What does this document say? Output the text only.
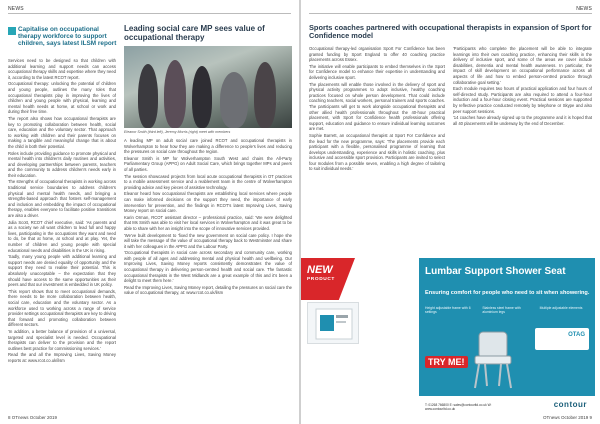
NEWS
Capitalise on occupational therapy workforce to support children, says latest ILSM report

Services need to be designed so that children with additional learning and support needs can access occupational therapy skills and expertise where they need it, according to the latest RCOT report.

Occupational therapy: unlocking the potential of children and young people, outlines the many roles that occupational therapists play in improving the lives of children and young people with physical, learning and mental health needs at home, at school or work and during their free time.

The report also shows how occupational therapists are key to promoting collaboration between health, social care, education and the voluntary sector. That approach to working with children and their parents focuses on making a tangible and meaningful change that is about the child in both their potential.

Roles include providing guidance to promote physical and mental health into children's daily routines and activities, and developing partnerships between parents, teachers and the community to address children's needs early in their education.

The strengths of occupational therapists in working across traditional service boundaries to address children's physical and mental health needs, and bringing a strengths-based approach that fosters self-management and inclusion and embedding the impact of occupational therapy, enables everyone to facilitate positive transitions are also a driver.

Julia Scott, RCOT chief executive, said: 'As parents and as a society we all want children to lead full and happy lives, participating in the occupations they want and need to do, be that at home, at school and at play. Yet, the number of children and young people with special educational needs and disabilities in the UK is rising.

'Sadly, many young people with additional learning and support needs are denied equality of opportunity and the support they need to realise their potential. This is absolutely unacceptable – the expectation that they should have access to the same opportunities as their peers and that our investment is embedded in UK policy.

'This report shows that to meet occupational demands, there needs to be more collaboration between health, social care, education and the voluntary sector. As a workforce used to working across a range of service provider settings occupational therapists are key to driving that forward and promoting collaboration between different sectors.

'In addition, a better balance of provision of a universal, targeted and specialist level is needed. Occupational therapists can deliver to the provision and the report outlines best practice for commissioning services.'

Read the and all the Improving Lives, Saving Money reports at: www.rcot.co.uk/ilsm

Leading social care MP sees value of occupational therapy
Eleanor Smith (third left), Jeremy Morris (right) meet with members

A leading MP on adult social care joined RCOT and occupational therapists in Wolverhampton to hear how they are making a difference to people's lives and reducing the pressures on social care throughout the region.

Eleanor Smith is MP for Wolverhampton South West and chairs the All-Party Parliamentary Group (APPG) on Adult Social Care, which brings together MPs and peers of all parties.

The session showcased projects from local acute occupational therapists in OT practices to a mobile assessment service and a reablement team in the centre of Wolverhampton providing advice and key pieces of assistive technology.

Eleanor heard how occupational therapists are establishing local services where people can make informed decisions on the support they need, the importance of early intervention for prevention, and the findings in RCOT's latest Improving Lives, Saving Money report on social care.

Karin Orman, RCOT assistant director – professional practice, said: 'We were delighted that Ms Smith was able to visit her local services in Wolverhampton and it was great to be able to share with her an insight into the scope of innovative services provided.

'We've built development to 'fixed the new government on social care policy. I hope she will take the message of the value of occupational therapy back to Westminster and share it with her colleagues in the APPG and the Labour Party.

'Occupational therapists in social care across secondary and community care, working with people of all ages and addressing mental and physical health and wellbeing. Our Improving Lives, Saving Money reports consistently demonstrates the value of occupational therapy in delivering person-centred health and social care. The fantastic occupational therapists in the West Midlands are a great example of this and it's been a delight to meet them here.'

Read the Improving Lives, Saving Money report, detailing the pressures on social care the value of occupational therapy, at: www.rcot.co.uk/ilsm

8 OTnews October 2019
NEWS
Sports coaches partnered with occupational therapists in expansion of Sport for Confidence model

Occupational therapy-led organisation Sport For Confidence has been granted funding by Sport England to offer 40 coaching practice placements across Essex.

The initiative will enable participants to embed themselves in the Sport for Confidence model to enhance their expertise in understanding and delivering inclusive sport.

The placements will enable those involved in the delivery of sport and physical activity programmes to adopt inclusive, healthy coaching practices focused on whole person development. That could include coaching teachers, social workers, personal trainers and sports coaches. The participants will get to work alongside occupational therapists and other allied health professionals throughout the 40-hour practical placement, with Sport for Confidence health professionals offering support, education and guidance to ensure individual learning outcomes are met.

Sophie Barrett, an occupational therapist at Sport For Confidence and the lead for the new programme, says: 'The placements provide each participant with a flexible, personalised programme of learning that develops understanding, experience and skills in holistic coaching, plus inclusive and accessible sport provision. Participants are invited to select four modules from a possible seven, enabling a high degree of tailoring to suit individual needs.'

'Participants who complete the placement will be able to integrate learnings into their own coaching practice, enhancing their skills in the delivery of inclusive sport, and some of the areas we cover include disabilities, dementia and mental health awareness. In particular, the impact of skill development on occupational performance across all aspects of life and how to embed person-centred practice through collaborative goal setting.'

Each module requires two hours of practical application and four hours of self-directed study. Participants are also required to attend a four-hour induction and a four-hour closing event. Practical sessions are supported by reflective practice conducted remotely by telephone or Skype and also peer support sessions.

'14 coaches have already signed up to the programme and it is hoped that all 40 placements will be underway by the end of December.

NEW
PRODUCT
Lumbar Support Shower Seat
Ensuring comfort for people who need to sit when showering.
Height adjustable frame with 6 settings
Stainless steel frame with aluminium legs
Multiple adjustable elements
TRY ME!
OTAG
T: 01268 766800 E: sales@contourltd.co.uk W: www.contourltd.co.uk
contour
OTnews October 2019 9
